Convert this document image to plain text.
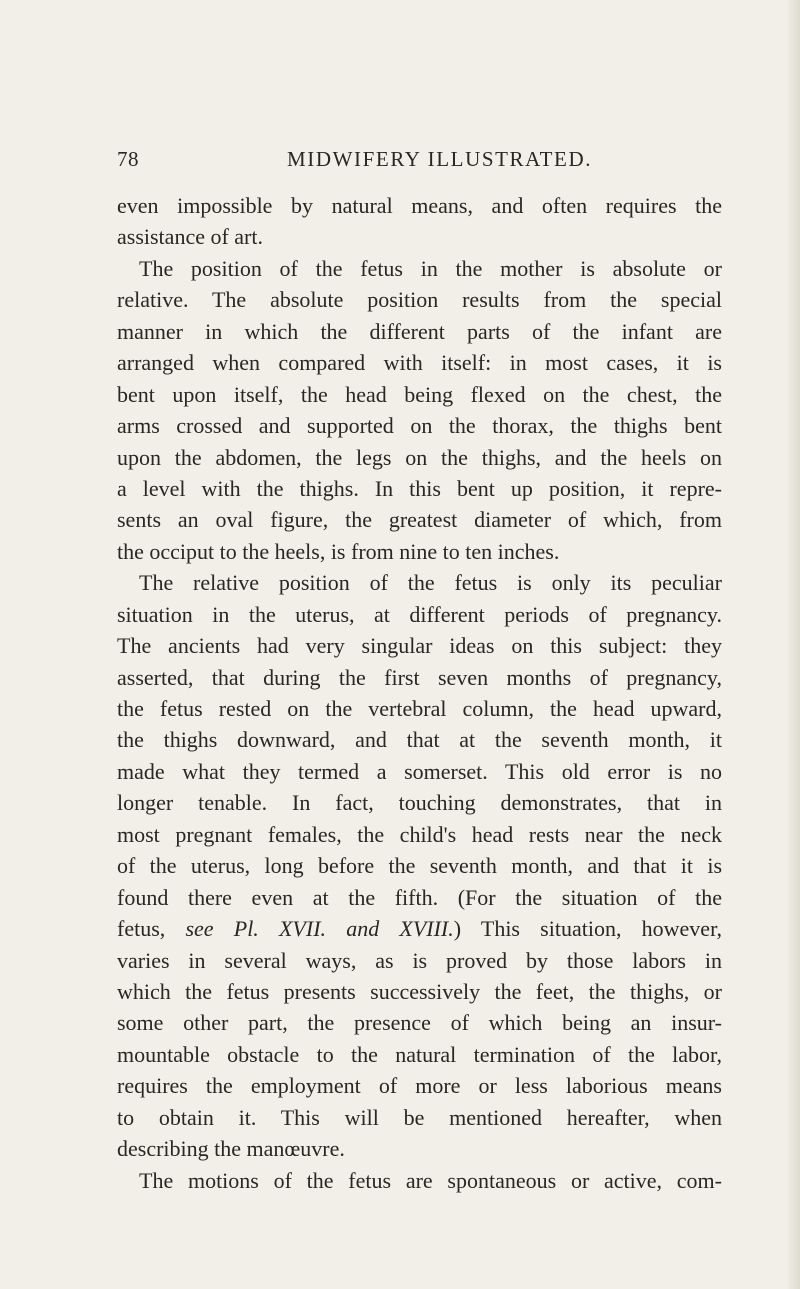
78	MIDWIFERY ILLUSTRATED.
even impossible by natural means, and often requires the
assistance of art.
The position of the fetus in the mother is absolute or
relative. The absolute position results from the special
manner in which the different parts of the infant are
arranged when compared with itself: in most cases, it is
bent upon itself, the head being flexed on the chest, the
arms crossed and supported on the thorax, the thighs bent
upon the abdomen, the legs on the thighs, and the heels on
a level with the thighs. In this bent up position, it repre-
sents an oval figure, the greatest diameter of which, from
the occiput to the heels, is from nine to ten inches.
The relative position of the fetus is only its peculiar
situation in the uterus, at different periods of pregnancy.
The ancients had very singular ideas on this subject: they
asserted, that during the first seven months of pregnancy,
the fetus rested on the vertebral column, the head upward,
the thighs downward, and that at the seventh month, it
made what they termed a somerset. This old error is no
longer tenable. In fact, touching demonstrates, that in
most pregnant females, the child's head rests near the neck
of the uterus, long before the seventh month, and that it is
found there even at the fifth. (For the situation of the
fetus, see Pl. XVII. and XVIII.) This situation, however,
varies in several ways, as is proved by those labors in
which the fetus presents successively the feet, the thighs, or
some other part, the presence of which being an insur-
mountable obstacle to the natural termination of the labor,
requires the employment of more or less laborious means
to obtain it. This will be mentioned hereafter, when
describing the manœuvre.
The motions of the fetus are spontaneous or active, com-
